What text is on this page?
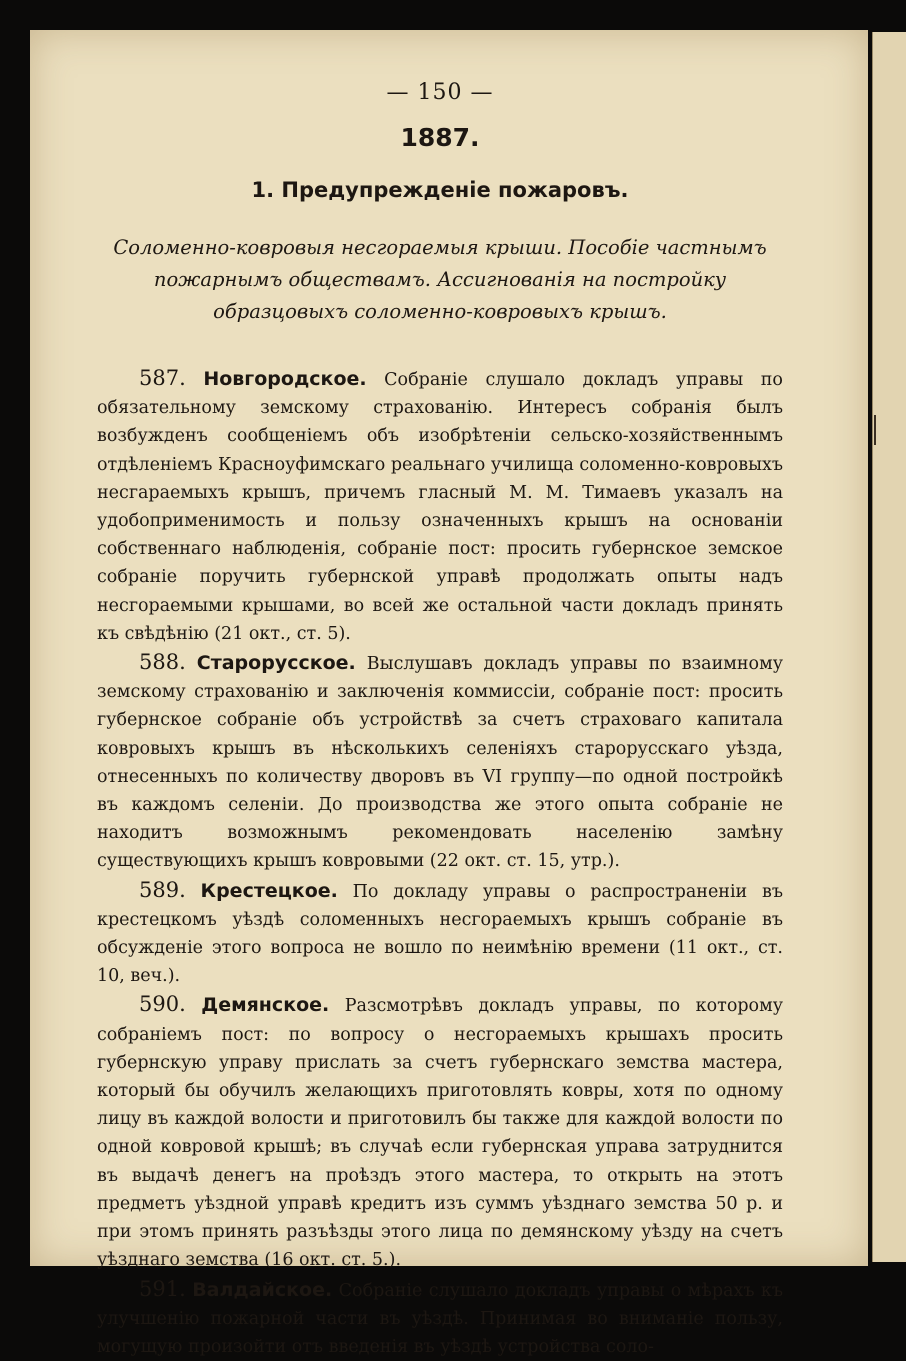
— 150 —
1887.
1. Предупрежденіе пожаровъ.
Соломенно-ковровыя несгораемыя крыши. Пособіе частнымъ пожарнымъ обществамъ. Ассигнованія на постройку образцовыхъ соломенно-ковровыхъ крышъ.

587. Новгородское. Собраніе слушало докладъ управы по обязательному земскому страхованію. Интересъ собранія былъ возбужденъ сообщеніемъ объ изобрѣтеніи сельско-хозяйственнымъ отдѣленіемъ Красноуфимскаго реальнаго училища соломенно-ковровыхъ несгараемыхъ крышъ, причемъ гласный М. М. Тимаевъ указалъ на удобоприменимость и пользу означенныхъ крышъ на основаніи собственнаго наблюденія, собраніе пост: просить губернское земское собраніе поручить губернской управѣ продолжать опыты надъ несгораемыми крышами, во всей же остальной части докладъ принять къ свѣдѣнію (21 окт., ст. 5).

588. Старорусское. Выслушавъ докладъ управы по взаимному земскому страхованію и заключенія коммиссіи, собраніе пост: просить губернское собраніе объ устройствѣ за счетъ страховаго капитала ковровыхъ крышъ въ нѣсколькихъ селеніяхъ старорусскаго уѣзда, отнесенныхъ по количеству дворовъ въ VI группу—по одной постройкѣ въ каждомъ селеніи. До производства же этого опыта собраніе не находитъ возможнымъ рекомендовать населенію замѣну существующихъ крышъ ковровыми (22 окт. ст. 15, утр.).

589. Крестецкое. По докладу управы о распространеніи въ крестецкомъ уѣздѣ соломенныхъ несгораемыхъ крышъ собраніе въ обсужденіе этого вопроса не вошло по неимѣнію времени (11 окт., ст. 10, веч.).

590. Демянское. Разсмотрѣвъ докладъ управы, по которому собраніемъ пост: по вопросу о несгораемыхъ крышахъ просить губернскую управу прислать за счетъ губернскаго земства мастера, который бы обучилъ желающихъ приготовлять ковры, хотя по одному лицу въ каждой волости и приготовилъ бы также для каждой волости по одной ковровой крышѣ; въ случаѣ если губернская управа затруднится въ выдачѣ денегъ на проѣздъ этого мастера, то открыть на этотъ предметъ уѣздной управѣ кредитъ изъ суммъ уѣзднаго земства 50 р. и при этомъ принять разъѣзды этого лица по демянскому уѣзду на счетъ уѣзднаго земства (16 окт. ст. 5.).

591. Валдайское. Собраніе слушало докладъ управы о мѣрахъ къ улучшенію пожарной части въ уѣздѣ. Принимая во вниманіе пользу, могущую произойти отъ введенія въ уѣздѣ устройства соло-
